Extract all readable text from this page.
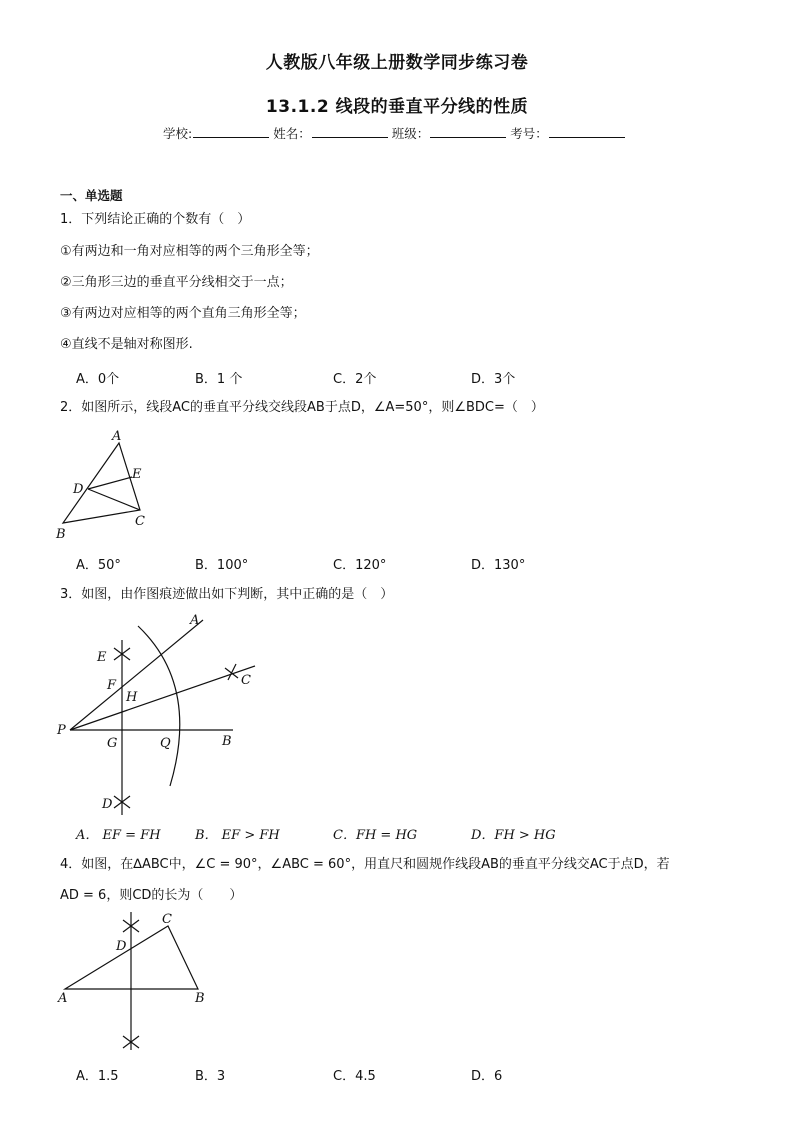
人教版八年级上册数学同步练习卷
13.1.2 线段的垂直平分线的性质
学校:	姓名：	班级：	考号：
一、单选题
1．下列结论正确的个数有（　）
①有两边和一角对应相等的两个三角形全等；
②三角形三边的垂直平分线相交于一点；
③有两边对应相等的两个直角三角形全等；
④直线不是轴对称图形.
A．0个	B．1 个	C．2个	D．3个
2．如图所示，线段AC的垂直平分线交线段AB于点D，∠A=50°，则∠BDC=（　）
A
E
D
B
C
A．50°	B．100°	C．120°	D．130°
3．如图，由作图痕迹做出如下判断，其中正确的是（　）
A
E
C
F
H
P
G	Q	B
D
A． EF = FH	B． EF > FH	C．FH = HG	D．FH > HG
4．如图，在∆ABC中，∠C = 90°，∠ABC = 60°，用直尺和圆规作线段AB的垂直平分线交AC于点D，若
AD = 6，则CD的长为（　　）
C
D
A	B
A．1.5	B．3	C．4.5	D．6
